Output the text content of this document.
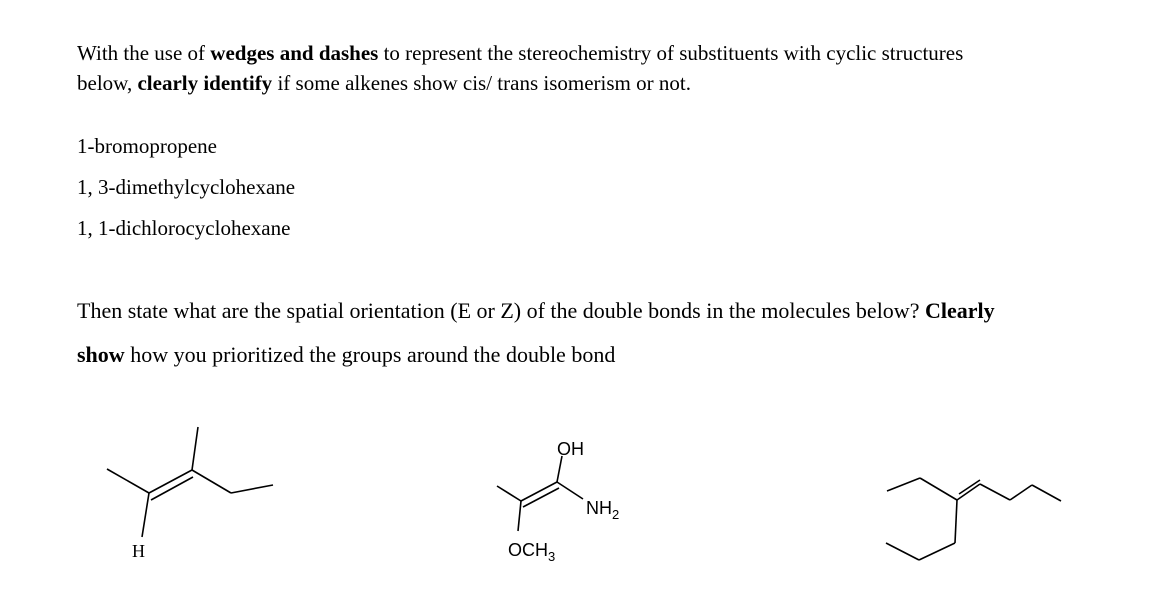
With the use of wedges and dashes to represent the stereochemistry of substituents with cyclic structures
below, clearly identify if some alkenes show cis/ trans isomerism or not.
1-bromopropene
1, 3-dimethylcyclohexane
1, 1-dichlorocyclohexane
Then state what are the spatial orientation (E or Z) of the double bonds in the molecules below? Clearly
show how you prioritized the groups around the double bond
H
OH
$NH_2$
$OCH_3$
